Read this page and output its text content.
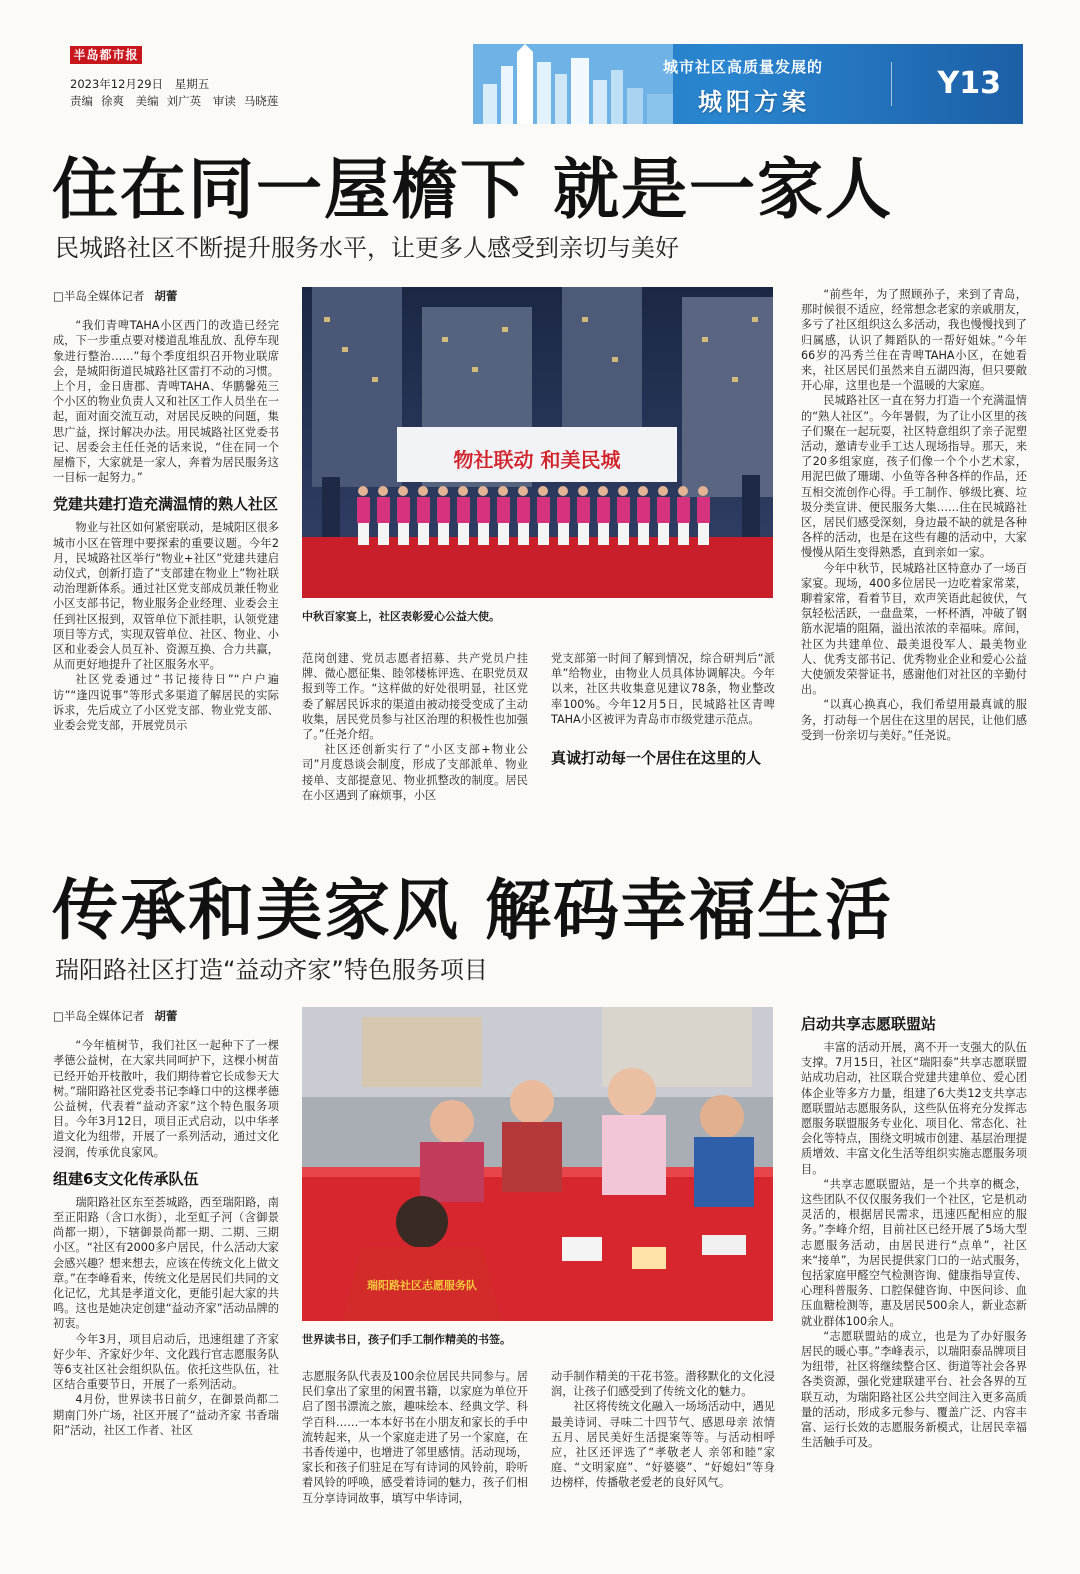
半岛都市报
2023年12月29日 星期五
责编 徐爽 美编 刘广英 审读 马晓莲
城市社区高质量发展的
城阳方案
Y13
住在同一屋檐下 就是一家人
民城路社区不断提升服务水平，让更多人感受到亲切与美好

□半岛全媒体记者 胡蕾

“我们青啤TAHA小区西门的改造已经完成，下一步重点要对楼道乱堆乱放、乱停车现象进行整治……”每个季度组织召开物业联席会，是城阳街道民城路社区雷打不动的习惯。上个月，金日唐郡、青啤TAHA、华鹏馨苑三个小区的物业负责人又和社区工作人员坐在一起，面对面交流互动，对居民反映的问题，集思广益，探讨解决办法。用民城路社区党委书记、居委会主任任尧的话来说，“住在同一个屋檐下，大家就是一家人，奔着为居民服务这一目标一起努力。”

党建共建打造充满温情的熟人社区

物业与社区如何紧密联动，是城阳区很多城市小区在管理中要探索的重要议题。今年2月，民城路社区举行“物业+社区”党建共建启动仪式，创新打造了“支部建在物业上”物社联动治理新体系。通过社区党支部成员兼任物业小区支部书记，物业服务企业经理、业委会主任到社区报到，双管单位下派挂职，认领党建项目等方式，实现双管单位、社区、物业、小区和业委会人员互补、资源互换、合力共赢，从而更好地提升了社区服务水平。

社区党委通过“书记接待日”“户户遍访”“逢四说事”等形式多渠道了解居民的实际诉求，先后成立了小区党支部、物业党支部、业委会党支部，开展党员示

物社联动 和美民城
中秋百家宴上，社区表彰爱心公益大使。

范岗创建、党员志愿者招募、共产党员户挂牌、微心愿征集、睦邻楼栋评选、在职党员双报到等工作。“这样做的好处很明显，社区党委了解居民诉求的渠道由被动接受变成了主动收集，居民党员参与社区治理的积极性也加强了。”任尧介绍。

社区还创新实行了“小区支部+物业公司”月度恳谈会制度，形成了支部派单、物业接单、支部提意见、物业抓整改的制度。居民在小区遇到了麻烦事，小区

党支部第一时间了解到情况，综合研判后“派单”给物业，由物业人员具体协调解决。今年以来，社区共收集意见建议78条，物业整改率100%。今年12月5日，民城路社区青啤TAHA小区被评为青岛市市级党建示范点。

真诚打动每一个居住在这里的人

“前些年，为了照顾孙子，来到了青岛，那时候很不适应，经常想念老家的亲戚朋友，多亏了社区组织这么多活动，我也慢慢找到了归属感，认识了舞蹈队的一帮好姐妹。”今年66岁的冯秀兰住在青啤TAHA小区，在她看来，社区居民们虽然来自五湖四海，但只要敞开心扉，这里也是一个温暖的大家庭。

民城路社区一直在努力打造一个充满温情的“熟人社区”。今年暑假，为了让小区里的孩子们聚在一起玩耍，社区特意组织了亲子泥塑活动，邀请专业手工达人现场指导。那天，来了20多组家庭，孩子们像一个个小艺术家，用泥巴做了珊瑚、小鱼等各种各样的作品，还互相交流创作心得。手工制作、够级比赛、垃圾分类宣讲、便民服务大集……住在民城路社区，居民们感受深刻，身边最不缺的就是各种各样的活动，也是在这些有趣的活动中，大家慢慢从陌生变得熟悉，直到亲如一家。

今年中秋节，民城路社区特意办了一场百家宴。现场，400多位居民一边吃着家常菜，聊着家常，看着节目，欢声笑语此起彼伏，气氛轻松活跃，一盘盘菜，一杯杯酒，冲破了钢筋水泥墙的阻隔，溢出浓浓的幸福味。席间，社区为共建单位、最美退役军人、最美物业人、优秀支部书记、优秀物业企业和爱心公益大使颁发荣誉证书，感谢他们对社区的辛勤付出。

“以真心换真心，我们希望用最真诚的服务，打动每一个居住在这里的居民，让他们感受到一份亲切与美好。”任尧说。

传承和美家风 解码幸福生活
瑞阳路社区打造“益动齐家”特色服务项目

□半岛全媒体记者 胡蕾

“今年植树节，我们社区一起种下了一棵孝德公益树，在大家共同呵护下，这棵小树苗已经开始开枝散叶，我们期待着它长成参天大树。”瑞阳路社区党委书记李峰口中的这棵孝德公益树，代表着“益动齐家”这个特色服务项目。今年3月12日，项目正式启动，以中华孝道文化为纽带，开展了一系列活动，通过文化浸润，传承优良家风。

组建6支文化传承队伍

瑞阳路社区东至荟城路，西至瑞阳路，南至正阳路（含口水街），北至虹子河（含御景尚都一期），下辖御景尚都一期、二期、三期小区。“社区有2000多户居民，什么活动大家会感兴趣？想来想去，应该在传统文化上做文章。”在李峰看来，传统文化是居民们共同的文化记忆，尤其是孝道文化，更能引起大家的共鸣。这也是她决定创建“益动齐家”活动品牌的初衷。

今年3月，项目启动后，迅速组建了齐家好少年、齐家好少年、文化践行官志愿服务队等6支社区社会组织队伍。依托这些队伍，社区结合重要节日，开展了一系列活动。

4月份，世界读书日前夕，在御景尚都二期南门外广场，社区开展了“益动齐家 书香瑞阳”活动，社区工作者、社区

瑞阳路社区志愿服务队
世界读书日，孩子们手工制作精美的书签。

志愿服务队代表及100余位居民共同参与。居民们拿出了家里的闲置书籍，以家庭为单位开启了图书漂流之旅，趣味绘本、经典文学、科学百科……一本本好书在小朋友和家长的手中流转起来，从一个家庭走进了另一个家庭，在书香传递中，也增进了邻里感情。活动现场，家长和孩子们驻足在写有诗词的风铃前，聆听着风铃的呼唤，感受着诗词的魅力，孩子们相互分享诗词故事，填写中华诗词，

动手制作精美的干花书签。潜移默化的文化浸润，让孩子们感受到了传统文化的魅力。

社区将传统文化融入一场场活动中，遇见最美诗词、寻味二十四节气、感恩母亲 浓情五月、居民美好生活提案等等。与活动相呼应，社区还评选了“孝敬老人 亲邻和睦”家庭、“文明家庭”、“好婆婆”、“好媳妇”等身边榜样，传播敬老爱老的良好风气。

启动共享志愿联盟站

丰富的活动开展，离不开一支强大的队伍支撑。7月15日，社区“瑞阳泰”共享志愿联盟站成功启动，社区联合党建共建单位、爱心团体企业等多方力量，组建了6大类12支共享志愿联盟站志愿服务队，这些队伍将充分发挥志愿服务联盟服务专业化、项目化、常态化、社会化等特点，围绕文明城市创建、基层治理提质增效、丰富文化生活等组织实施志愿服务项目。

“共享志愿联盟站，是一个共享的概念，这些团队不仅仅服务我们一个社区，它是机动灵活的，根据居民需求，迅速匹配相应的服务。”李峰介绍，目前社区已经开展了5场大型志愿服务活动，由居民进行“点单”，社区来“接单”，为居民提供家门口的一站式服务，包括家庭甲醛空气检测咨询、健康指导宣传、心理科普服务、口腔保健咨询、中医问诊、血压血糖检测等，惠及居民500余人，新业态新就业群体100余人。

“志愿联盟站的成立，也是为了办好服务居民的暖心事。”李峰表示，以瑞阳泰品牌项目为纽带，社区将继续整合区、街道等社会各界各类资源，强化党建联建平台、社会各界的互联互动，为瑞阳路社区公共空间注入更多高质量的活动，形成多元参与、覆盖广泛、内容丰富、运行长效的志愿服务新模式，让居民幸福生活触手可及。
